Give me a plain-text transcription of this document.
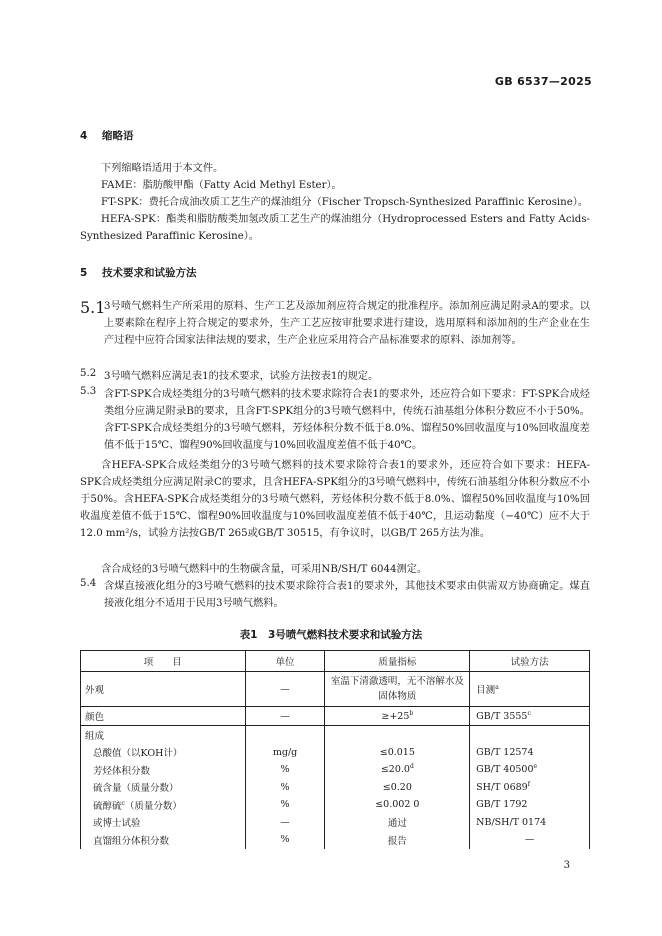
GB 6537—2025
4 缩略语
下列缩略语适用于本文件。
FAME：脂肪酸甲酯（Fatty Acid Methyl Ester）。
FT-SPK：费托合成油改质工艺生产的煤油组分（Fischer Tropsch-Synthesized Paraffinic Kerosine）。
HEFA-SPK：酯类和脂肪酸类加氢改质工艺生产的煤油组分（Hydroprocessed Esters and Fatty Acids-Synthesized Paraffinic Kerosine）。
5 技术要求和试验方法
5.1
3号喷气燃料生产所采用的原料、生产工艺及添加剂应符合规定的批准程序。添加剂应满足附录A的要求。以上要素除在程序上符合规定的要求外，生产工艺应按审批要求进行建设，选用原料和添加剂的生产企业在生产过程中应符合国家法律法规的要求，生产企业应采用符合产品标准要求的原料、添加剂等。
5.2 3号喷气燃料应满足表1的技术要求，试验方法按表1的规定。
5.3 含FT-SPK合成烃类组分的3号喷气燃料的技术要求除符合表1的要求外，还应符合如下要求：FT-SPK合成烃类组分应满足附录B的要求，且含FT-SPK组分的3号喷气燃料中，传统石油基组分体积分数应不小于50%。含FT-SPK合成烃类组分的3号喷气燃料，芳烃体积分数不低于8.0%、馏程50%回收温度与10%回收温度差值不低于15℃、馏程90%回收温度与10%回收温度差值不低于40℃。
含HEFA-SPK合成烃类组分的3号喷气燃料的技术要求除符合表1的要求外，还应符合如下要求：HEFA-SPK合成烃类组分应满足附录C的要求，且含HEFA-SPK组分的3号喷气燃料中，传统石油基组分体积分数应不小于50%。含HEFA-SPK合成烃类组分的3号喷气燃料，芳烃体积分数不低于8.0%、馏程50%回收温度与10%回收温度差值不低于15℃、馏程90%回收温度与10%回收温度差值不低于40℃，且运动黏度（−40℃）应不大于12.0 mm²/s，试验方法按GB/T 265或GB/T 30515，有争议时，以GB/T 265方法为准。
含合成烃的3号喷气燃料中的生物碳含量，可采用NB/SH/T 6044测定。
5.4 含煤直接液化组分的3号喷气燃料的技术要求除符合表1的要求外，其他技术要求由供需双方协商确定。煤直接液化组分不适用于民用3号喷气燃料。
表1　3号喷气燃料技术要求和试验方法
项　　目	单位	质量指标	试验方法
外观	—	室温下清澈透明，无不溶解水及固体物质	目测$^a$
颜色	—	$\ge+25^b$	GB/T 3555$^c$
组成			
总酸值（以KOH计）	mg/g	≤0.015	GB/T 12574
芳烃体积分数	%	≤20.0$^d$	GB/T 40500e
硫含量（质量分数）	%	≤0.20	SH/T 0689$^f$
硫醇硫$^c$（质量分数）	%	≤0.002 0	GB/T 1792
或博士试验	—	通过	NB/SH/T 0174
直馏组分体积分数	%	报告	—
3
